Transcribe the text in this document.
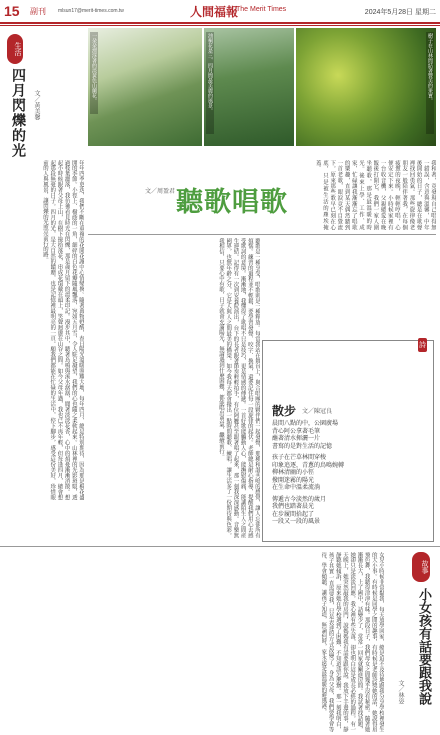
15 副刊 mlsun17@merit-times.com.tw	人間福報
The Merit Times	2024年5月28日 星期二
生活
四月閃爍的光	文／黃美馨
年年四季更迭，我們不斷在重複的花開花謝中心情變換。隨著萬物甦醒，春日陽光溫暖照耀大地，每年四月，總是特別期待，因為那是桐花盛開的季節。小徑上、樹蔭的一角，細碎的白色花瓣隨風飄落，宛如五月雪，令人駐足凝望，我們的心也隨之柔軟起來。山林裡的光影斑駁，透過枝葉灑落，我彷彿看見時光在閃爍，那是歲月留下的溫柔印記。漫步其中，聽著鳥鳴與溪水潺潺，聞著淡淡花香，心中的煩憂漸漸消散。想起小時候跟著父母上山，在樹下撿拾落花，串成花環戴在頭上，笑聲迴盪在山谷之間。如今父母年邁，我也已不再年輕，但每逢四月，總會想起那段無憂的日子。四月的光，是大自然的饋贈，也是記憶裡最明亮的一頁。願我們都能在忙碌的生活中，停下腳步，感受這份美好，珍惜眼前的人與風景，讓閃爍的光照亮前行的路。
一朵朵漂浮著的淡黃色山蘭花。	油桐花是三、四月間最美麗的風景。	樹子在山林間結著豐美的果實。
聽歌唱歌
文／周盈君	我和著，竟發現自己唱得無一錯誤，含意與溫馨，中年後開始的日子，總是在歌聲裡找回勇氣。那些旋律像老朋友一般陪伴著我，在每個疲憊的夜晚，輕輕哼唱，心便安定下來。小時候家裡有一台收音機，父親總愛在晚飯後打開它，我們一家人圍坐聽歌，那是最溫暖的時光。後來上學、工作、成家，忙碌讓我漸漸忘了唱歌的樂趣，直到某天偶然聽到一首老歌，眼淚竟不自覺流下。原來那些歌早已刻在心底，只是被生活的塵埃掩蓋。
聽歌是一種享受，唱歌則是一種釋放。每當我站在舞台上，與合唱團的夥伴們一起發聲，那種和諧共鳴的感覺，讓人忘卻所有煩惱。練習的過程並不輕鬆，要學習發聲、咬字、換氣，還要記住每一段旋律的起伏。老師總是耐心指導，提醒我們用心去感受歌詞的意境。漸漸地，我懂得了歌唱不只是技巧，更是情感的傳遞。一首好歌能觸動人心，能撫慰傷痛，能讓陌生人之間產生連結。記得有一次到安養院演出，台下的長者跟著節奏輕輕拍手，有位阿嬤甚至跟著唱了起來，那一刻我深深感動。音樂無國界，也無年齡之分，它是人與人之間最美的橋梁。如今我每天都會撥出一點時間聽歌、練唱，讓生活多了一份期待與色彩。我相信，只要心中有歌，日子就會充滿陽光，無論遇到什麼困難，都能唱出勇氣，繼續前行。	詩
散步 文／陳冠良
晨間八點的中，公園廣場
背心阿公拿著毛筆
蘸著清水揮灑一片
書寫的是對生活的記憶
孩子在芒草林間穿梭
印象追逐，青蔥的鳥鳴婉轉
柳林清幽的小徑
撥開迷霧的陽光
在生命中溫柔流淌
傳遞古今淡然的歲月
我們也踏著晨光
在步履間拾起了
一段又一段的風景
女兒小時候非常黏我，每天放學回家，總是迫不及待地跟我分享學校裡發生的大小事。有時候是同學之間的趣事，有時候是老師誇獎她的話，她說得眉飛色舞，我聽得津津有味。那段日子，我們母女之間幾乎沒有秘密。隨著她漸漸長大，上了國中，話變少了，常常一回家就關進房間。我試著找話題，她卻只是淡淡回應。我心裡有些失落，卻也明白這是成長必經的過程。有一天晚上，她突然敲我的房門，說媽媽我有話要跟你說。我放下手邊的事，靜靜聽她傾訴，原來她在學校遇到了困難，不知道該怎麼辦。那一刻我明白，孩子其實一直需要我，只是表達的方式改變了。身為父母，我們要學會等待，學會傾聽，讓孩子知道，無論何時，家永遠是最溫暖的避風港。	故事
小女孩有話要跟我說
文／林姿
